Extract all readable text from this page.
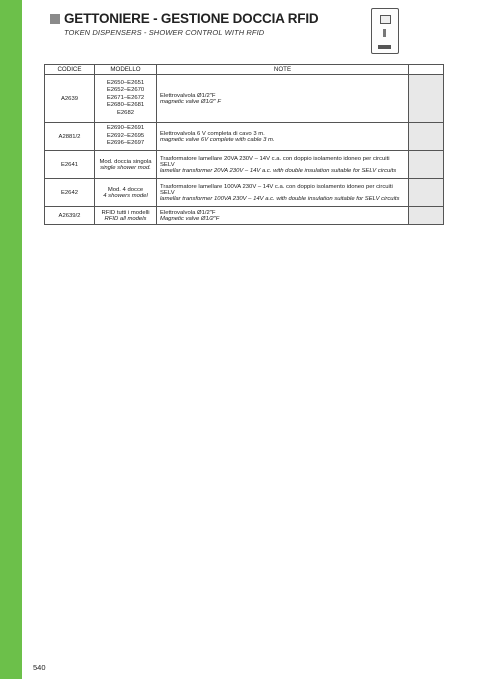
GETTONIERE - GESTIONE DOCCIA RFID
TOKEN DISPENSERS - SHOWER CONTROL WITH RFID
CODICE	MODELLO	NOTE	
A2639	E2650–E2651
E2652–E2670
E2671–E2672
E2680–E2681
E2682	Elettrovalvola Ø1/2"F
magnetic valve Ø1/2" F	

A2881/2	E2690–E2691
E2692–E2695
E2696–E2697	Elettrovalvola 6 V completa di cavo 3 m.
magnetic valve 6V complete with cable 3 m.	

E2641	Mod. doccia singola
single shower mod.	Trasformatore lamellare 20VA 230V – 14V c.a. con doppio isolamento idoneo per circuiti SELV
lamellar transformer 20VA 230V – 14V a.c. with double insulation suitable for SELV circuits	

E2642	Mod. 4 docce
4 showers model	Trasformatore lamellare 100VA 230V – 14V c.a. con doppio isolamento idoneo per circuiti SELV
lamellar transformer 100VA 230V – 14V a.c. with double insulation suitable for SELV circuits	

A2639/2	RFID tutti i modelli
RFID all models	Elettrovalvola Ø1/2"F
Magnetic valve Ø1/2"F	

540
